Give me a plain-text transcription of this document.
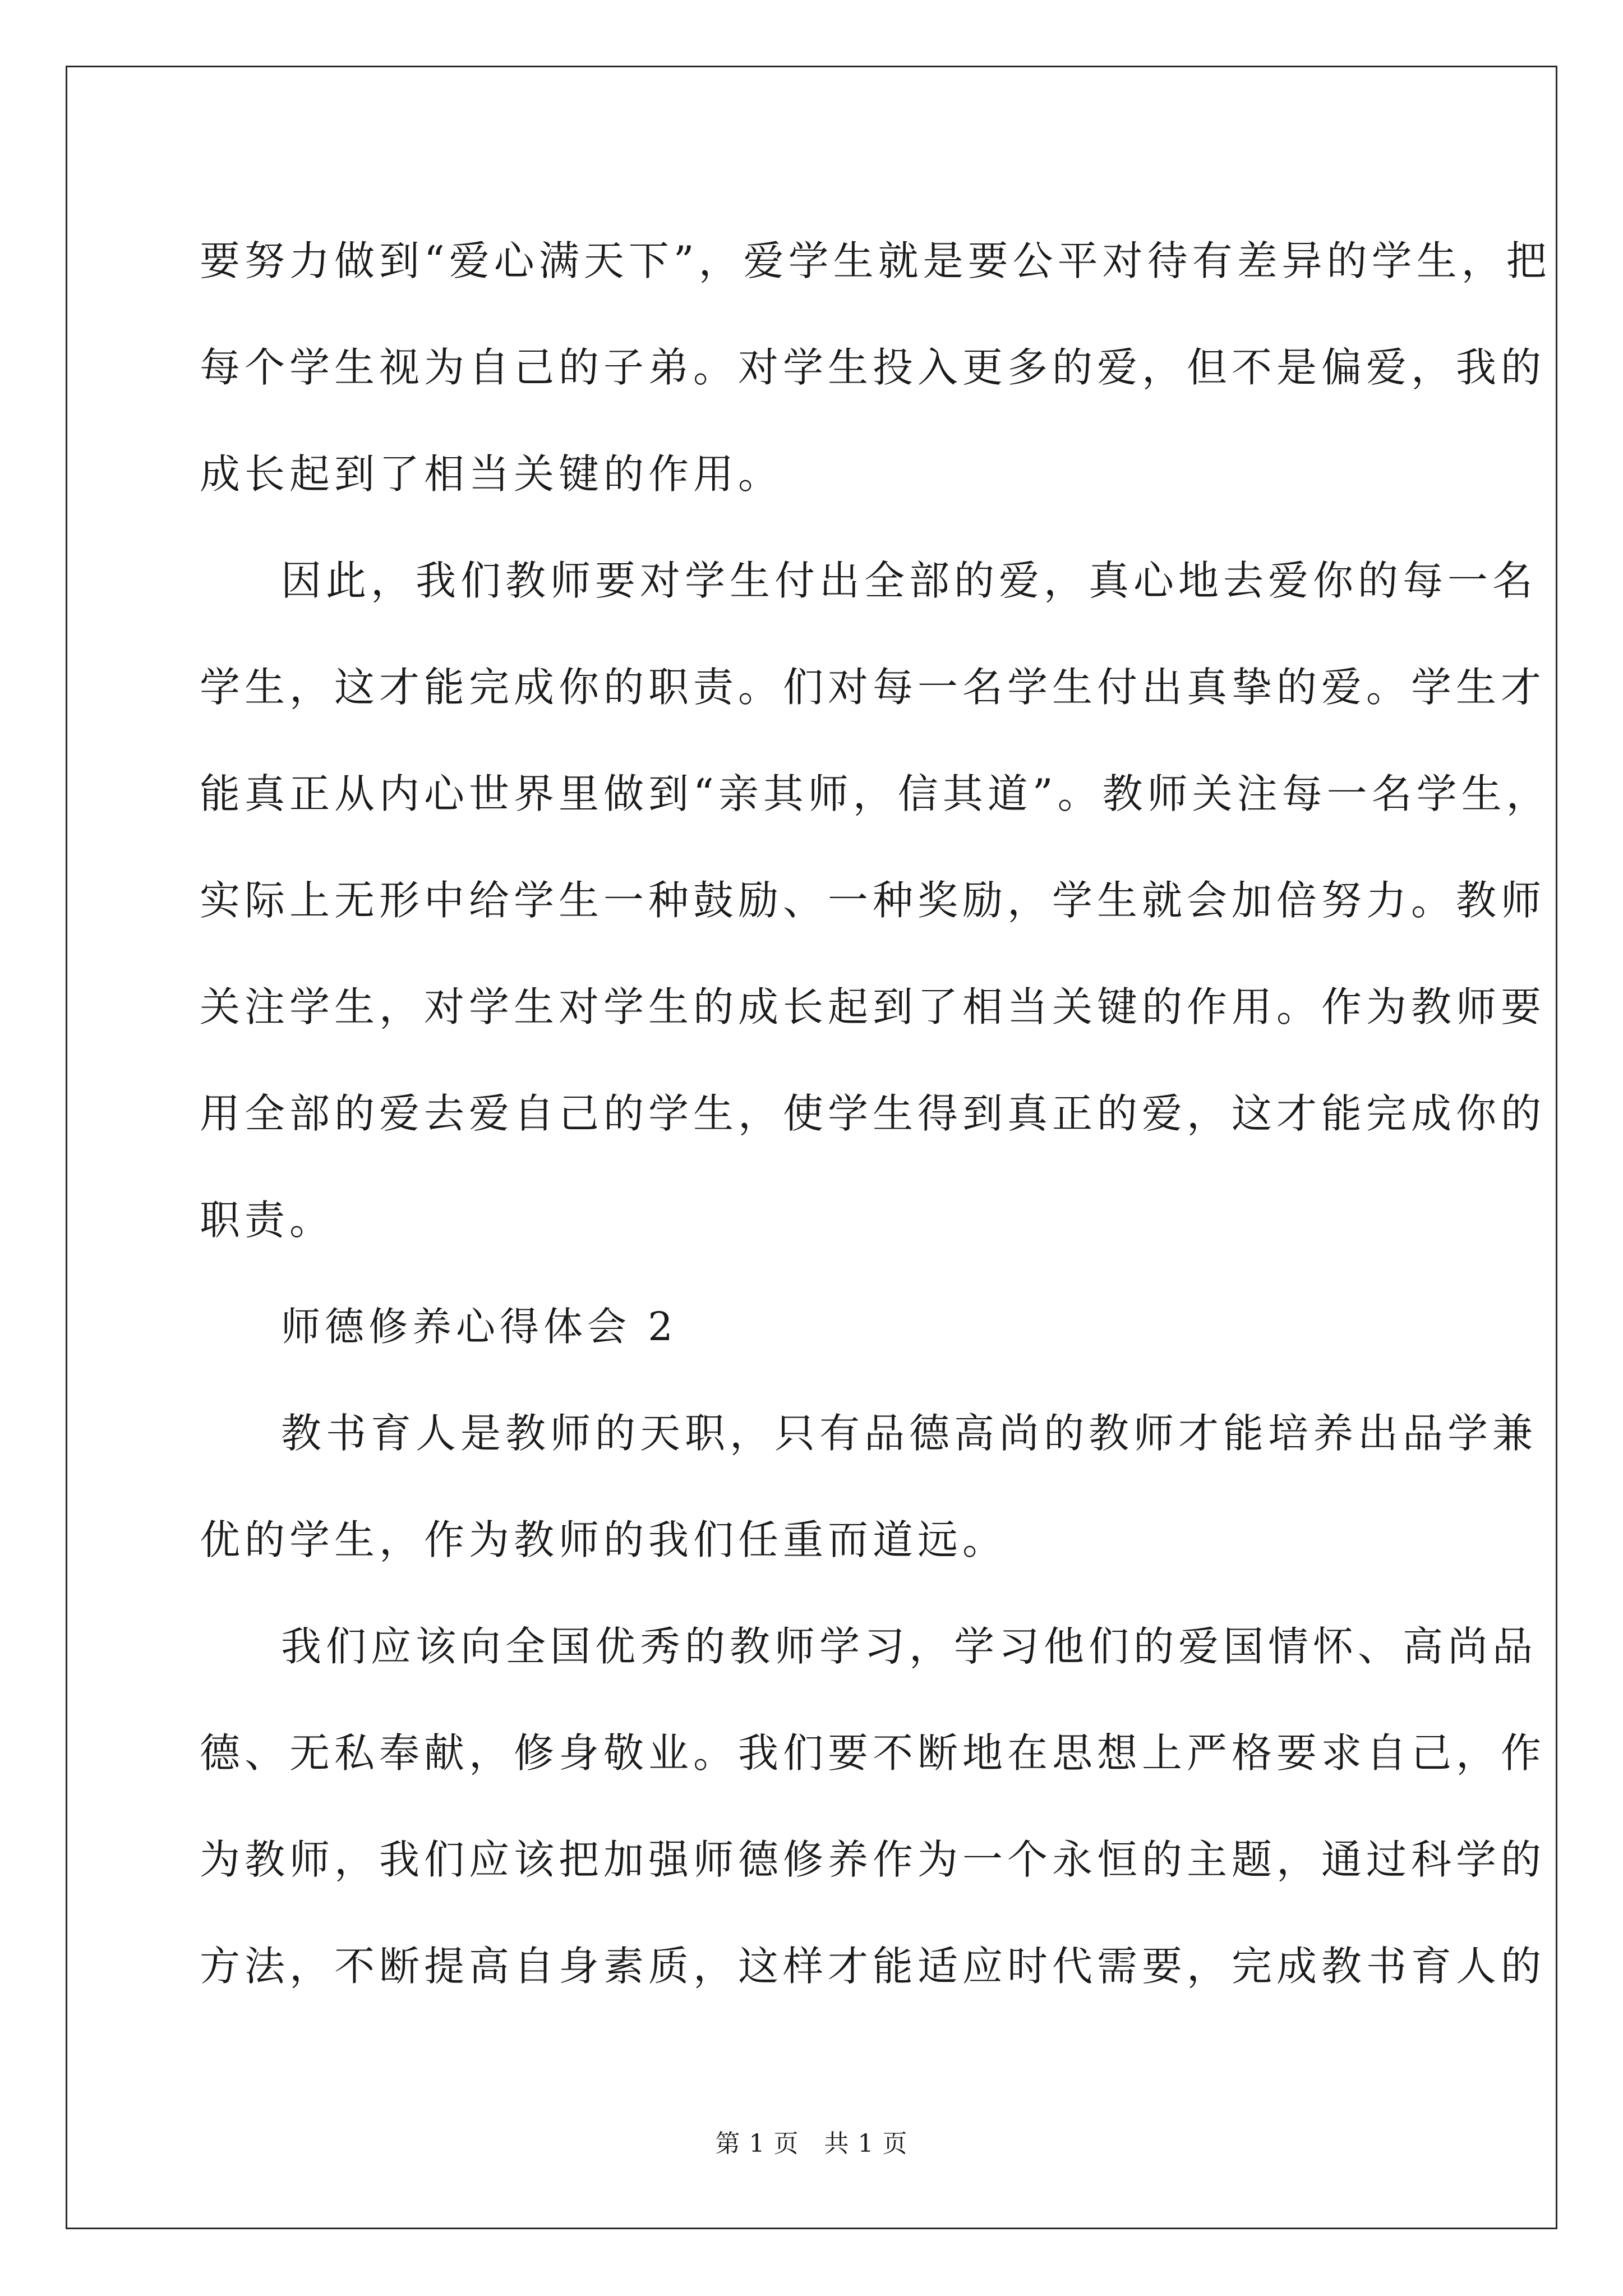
要努力做到“爱心满天下”，爱学生就是要公平对待有差异的学生，把
每个学生视为自己的子弟。对学生投入更多的爱，但不是偏爱，我的
成长起到了相当关键的作用。
因此，我们教师要对学生付出全部的爱，真心地去爱你的每一名
学生，这才能完成你的职责。们对每一名学生付出真挚的爱。学生才
能真正从内心世界里做到“亲其师，信其道”。教师关注每一名学生，
实际上无形中给学生一种鼓励、一种奖励，学生就会加倍努力。教师
关注学生，对学生对学生的成长起到了相当关键的作用。作为教师要
用全部的爱去爱自己的学生，使学生得到真正的爱，这才能完成你的
职责。
师德修养心得体会 2
教书育人是教师的天职，只有品德高尚的教师才能培养出品学兼
优的学生，作为教师的我们任重而道远。
我们应该向全国优秀的教师学习，学习他们的爱国情怀、高尚品
德、无私奉献，修身敬业。我们要不断地在思想上严格要求自己，作
为教师，我们应该把加强师德修养作为一个永恒的主题，通过科学的
方法，不断提高自身素质，这样才能适应时代需要，完成教书育人的
第 1 页　共 1 页
